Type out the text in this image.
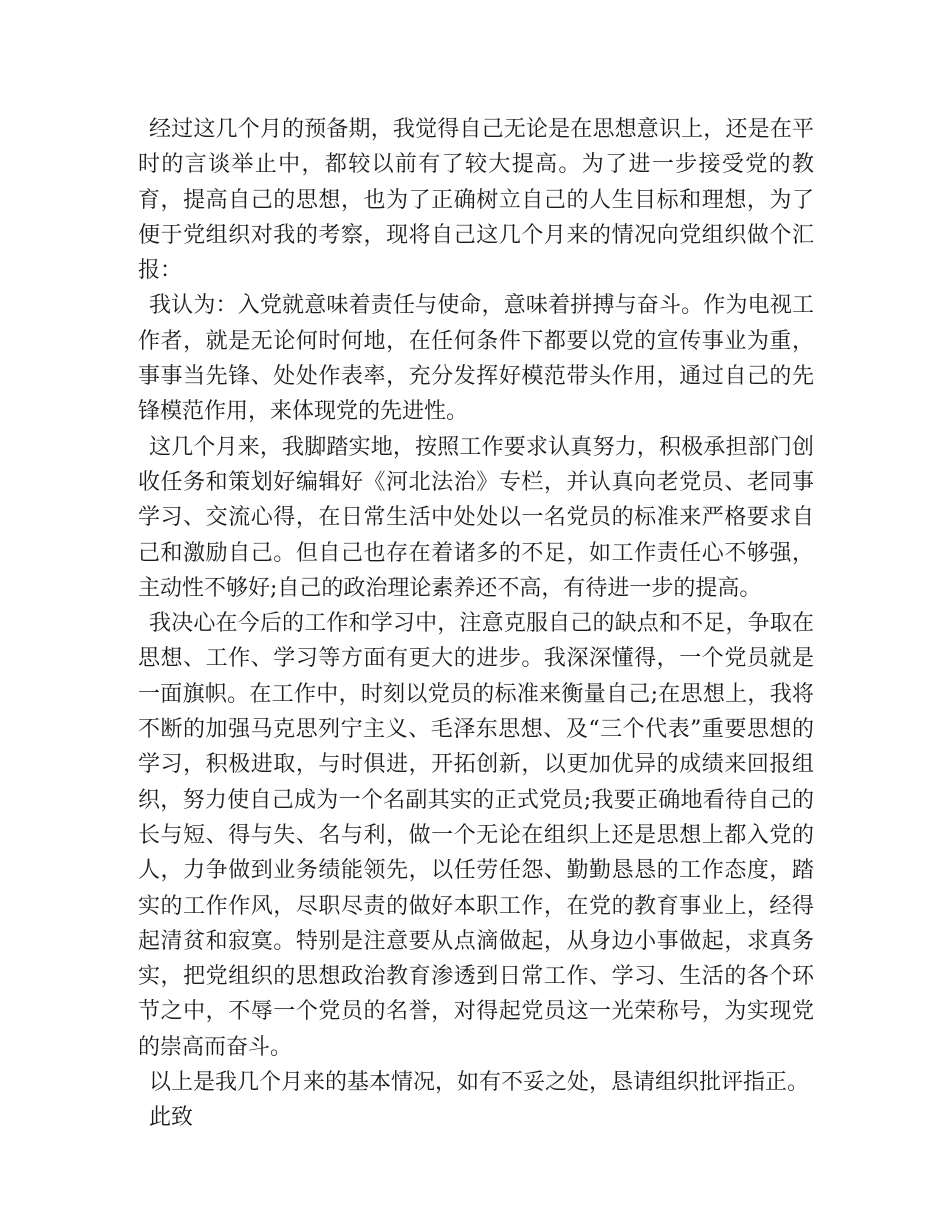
经过这几个月的预备期，我觉得自己无论是在思想意识上，还是在平时的言谈举止中，都较以前有了较大提高。为了进一步接受党的教育，提高自己的思想，也为了正确树立自己的人生目标和理想，为了便于党组织对我的考察，现将自己这几个月来的情况向党组织做个汇报：

我认为：入党就意味着责任与使命，意味着拼搏与奋斗。作为电视工作者，就是无论何时何地，在任何条件下都要以党的宣传事业为重，事事当先锋、处处作表率，充分发挥好模范带头作用，通过自己的先锋模范作用，来体现党的先进性。

这几个月来，我脚踏实地，按照工作要求认真努力，积极承担部门创收任务和策划好编辑好《河北法治》专栏，并认真向老党员、老同事学习、交流心得，在日常生活中处处以一名党员的标准来严格要求自己和激励自己。但自己也存在着诸多的不足，如工作责任心不够强，主动性不够好;自己的政治理论素养还不高，有待进一步的提高。

我决心在今后的工作和学习中，注意克服自己的缺点和不足，争取在思想、工作、学习等方面有更大的进步。我深深懂得，一个党员就是一面旗帜。在工作中，时刻以党员的标准来衡量自己;在思想上，我将不断的加强马克思列宁主义、毛泽东思想、及“三个代表”重要思想的学习，积极进取，与时俱进，开拓创新，以更加优异的成绩来回报组织，努力使自己成为一个名副其实的正式党员;我要正确地看待自己的长与短、得与失、名与利，做一个无论在组织上还是思想上都入党的人，力争做到业务绩能领先，以任劳任怨、勤勤恳恳的工作态度，踏实的工作作风，尽职尽责的做好本职工作，在党的教育事业上，经得起清贫和寂寞。特别是注意要从点滴做起，从身边小事做起，求真务实，把党组织的思想政治教育渗透到日常工作、学习、生活的各个环节之中，不辱一个党员的名誉，对得起党员这一光荣称号，为实现党的崇高而奋斗。

以上是我几个月来的基本情况，如有不妥之处，恳请组织批评指正。

此致
